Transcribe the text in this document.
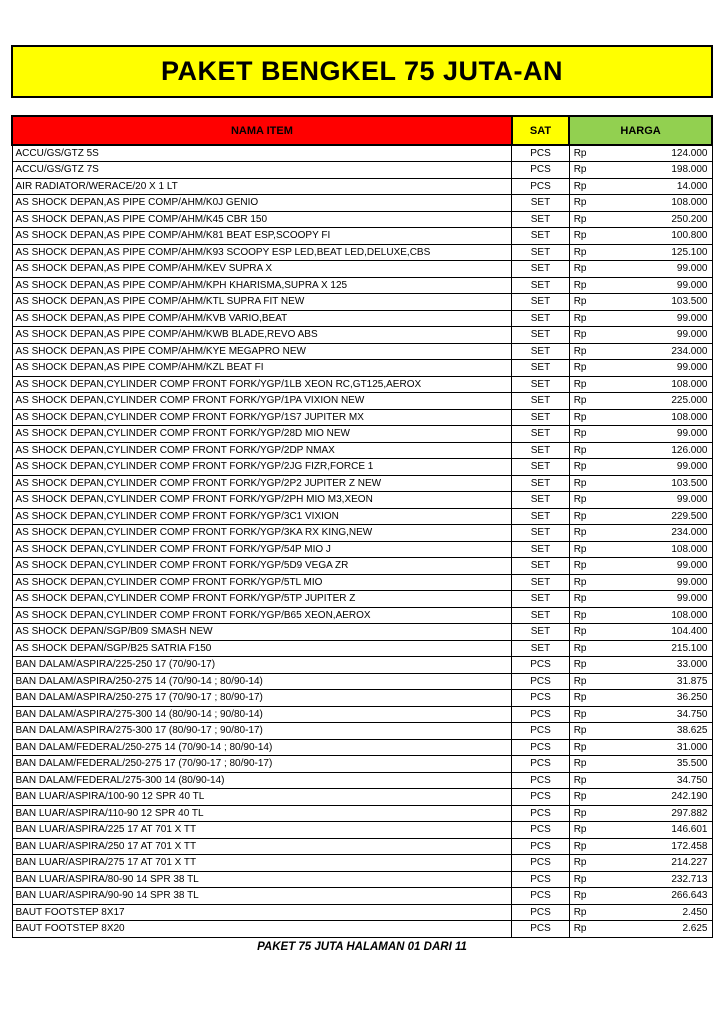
PAKET BENGKEL 75 JUTA-AN
NAMA ITEM	SAT	HARGA
ACCU/GS/GTZ 5S	PCS	Rp 124.000

ACCU/GS/GTZ 7S	PCS	Rp 198.000

AIR RADIATOR/WERACE/20 X 1 LT	PCS	Rp 14.000

AS SHOCK DEPAN,AS PIPE COMP/AHM/K0J GENIO	SET	Rp 108.000

AS SHOCK DEPAN,AS PIPE COMP/AHM/K45 CBR 150	SET	Rp 250.200

AS SHOCK DEPAN,AS PIPE COMP/AHM/K81 BEAT ESP,SCOOPY FI	SET	Rp 100.800

AS SHOCK DEPAN,AS PIPE COMP/AHM/K93 SCOOPY ESP LED,BEAT LED,DELUXE,CBS	SET	Rp 125.100

AS SHOCK DEPAN,AS PIPE COMP/AHM/KEV SUPRA X	SET	Rp 99.000

AS SHOCK DEPAN,AS PIPE COMP/AHM/KPH KHARISMA,SUPRA X 125	SET	Rp 99.000

AS SHOCK DEPAN,AS PIPE COMP/AHM/KTL SUPRA FIT NEW	SET	Rp 103.500

AS SHOCK DEPAN,AS PIPE COMP/AHM/KVB VARIO,BEAT	SET	Rp 99.000

AS SHOCK DEPAN,AS PIPE COMP/AHM/KWB BLADE,REVO ABS	SET	Rp 99.000

AS SHOCK DEPAN,AS PIPE COMP/AHM/KYE MEGAPRO NEW	SET	Rp 234.000

AS SHOCK DEPAN,AS PIPE COMP/AHM/KZL BEAT FI	SET	Rp 99.000

AS SHOCK DEPAN,CYLINDER COMP FRONT FORK/YGP/1LB XEON RC,GT125,AEROX	SET	Rp 108.000

AS SHOCK DEPAN,CYLINDER COMP FRONT FORK/YGP/1PA VIXION NEW	SET	Rp 225.000

AS SHOCK DEPAN,CYLINDER COMP FRONT FORK/YGP/1S7 JUPITER MX	SET	Rp 108.000

AS SHOCK DEPAN,CYLINDER COMP FRONT FORK/YGP/28D MIO NEW	SET	Rp 99.000

AS SHOCK DEPAN,CYLINDER COMP FRONT FORK/YGP/2DP NMAX	SET	Rp 126.000

AS SHOCK DEPAN,CYLINDER COMP FRONT FORK/YGP/2JG FIZR,FORCE 1	SET	Rp 99.000

AS SHOCK DEPAN,CYLINDER COMP FRONT FORK/YGP/2P2 JUPITER Z NEW	SET	Rp 103.500

AS SHOCK DEPAN,CYLINDER COMP FRONT FORK/YGP/2PH MIO M3,XEON	SET	Rp 99.000

AS SHOCK DEPAN,CYLINDER COMP FRONT FORK/YGP/3C1 VIXION	SET	Rp 229.500

AS SHOCK DEPAN,CYLINDER COMP FRONT FORK/YGP/3KA RX KING,NEW	SET	Rp 234.000

AS SHOCK DEPAN,CYLINDER COMP FRONT FORK/YGP/54P MIO J	SET	Rp 108.000

AS SHOCK DEPAN,CYLINDER COMP FRONT FORK/YGP/5D9 VEGA ZR	SET	Rp 99.000

AS SHOCK DEPAN,CYLINDER COMP FRONT FORK/YGP/5TL MIO	SET	Rp 99.000

AS SHOCK DEPAN,CYLINDER COMP FRONT FORK/YGP/5TP JUPITER Z	SET	Rp 99.000

AS SHOCK DEPAN,CYLINDER COMP FRONT FORK/YGP/B65 XEON,AEROX	SET	Rp 108.000

AS SHOCK DEPAN/SGP/B09 SMASH NEW	SET	Rp 104.400

AS SHOCK DEPAN/SGP/B25 SATRIA F150	SET	Rp 215.100

BAN DALAM/ASPIRA/225-250 17 (70/90-17)	PCS	Rp 33.000

BAN DALAM/ASPIRA/250-275 14 (70/90-14 ; 80/90-14)	PCS	Rp 31.875

BAN DALAM/ASPIRA/250-275 17 (70/90-17 ; 80/90-17)	PCS	Rp 36.250

BAN DALAM/ASPIRA/275-300 14 (80/90-14 ; 90/80-14)	PCS	Rp 34.750

BAN DALAM/ASPIRA/275-300 17 (80/90-17 ; 90/80-17)	PCS	Rp 38.625

BAN DALAM/FEDERAL/250-275 14 (70/90-14 ; 80/90-14)	PCS	Rp 31.000

BAN DALAM/FEDERAL/250-275 17 (70/90-17 ; 80/90-17)	PCS	Rp 35.500

BAN DALAM/FEDERAL/275-300 14 (80/90-14)	PCS	Rp 34.750

BAN LUAR/ASPIRA/100-90 12 SPR 40 TL	PCS	Rp 242.190

BAN LUAR/ASPIRA/110-90 12 SPR 40 TL	PCS	Rp 297.882

BAN LUAR/ASPIRA/225 17 AT 701 X TT	PCS	Rp 146.601

BAN LUAR/ASPIRA/250 17 AT 701 X TT	PCS	Rp 172.458

BAN LUAR/ASPIRA/275 17 AT 701 X TT	PCS	Rp 214.227

BAN LUAR/ASPIRA/80-90 14 SPR 38 TL	PCS	Rp 232.713

BAN LUAR/ASPIRA/90-90 14 SPR 38 TL	PCS	Rp 266.643

BAUT FOOTSTEP 8X17	PCS	Rp 2.450

BAUT FOOTSTEP 8X20	PCS	Rp 2.625
PAKET 75 JUTA HALAMAN 01 DARI 11
